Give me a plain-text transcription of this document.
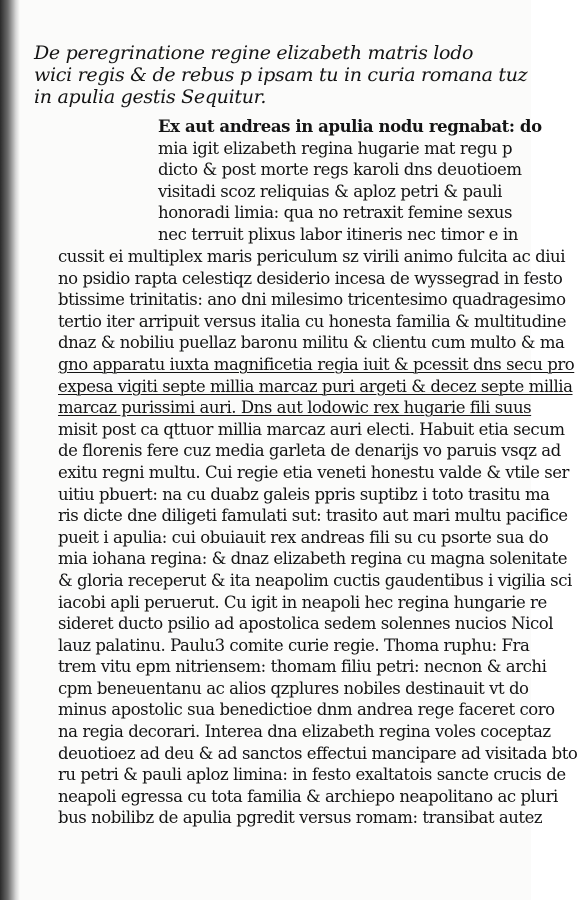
De peregrinatione regine elizabeth matris lodo
wici regis & de rebus p ipsam tu in curia romana tuz
in apulia gestis Sequitur.
Ex aut andreas in apulia nodu regnabat: do
mia igit elizabeth regina hugarie mat regu p
dicto & post morte regs karoli dns deuotioem
visitadi scoz reliquias & aploz petri & pauli
honoradi limia: qua no retraxit femine sexus
nec terruit plixus labor itineris nec timor e in
cussit ei multiplex maris periculum sz virili animo fulcita ac diui
no psidio rapta celestiqz desiderio incesa de wyssegrad in festo
btissime trinitatis: ano dni milesimo tricentesimo quadragesimo
tertio iter arripuit versus italia cu honesta familia & multitudine
dnaz & nobiliu puellaz baronu militu & clientu cum multo & ma
gno apparatu iuxta magnificetia regia iuit & pcessit dns secu pro
expesa vigiti septe millia marcaz puri argeti & decez septe millia
marcaz purissimi auri. Dns aut lodowic rex hugarie fili suus
misit post ca qttuor millia marcaz auri electi. Habuit etia secum
de florenis fere cuz media garleta de denarijs vo paruis vsqz ad
exitu regni multu. Cui regie etia veneti honestu valde & vtile ser
uitiu pbuert: na cu duabz galeis ppris suptibz i toto trasitu ma
ris dicte dne diligeti famulati sut: trasito aut mari multu pacifice
pueit i apulia: cui obuiauit rex andreas fili su cu psorte sua do
mia iohana regina: & dnaz elizabeth regina cu magna solenitate
& gloria receperut & ita neapolim cuctis gaudentibus i vigilia sci
iacobi apli peruerut. Cu igit in neapoli hec regina hungarie re
sideret ducto psilio ad apostolica sedem solennes nucios Nicol
lauz palatinu. Paulu3 comite curie regie. Thoma ruphu: Fra
trem vitu epm nitriensem: thomam filiu petri: necnon & archi
cpm beneuentanu ac alios qzplures nobiles destinauit vt do
minus apostolic sua benedictioe dnm andrea rege faceret coro
na regia decorari. Interea dna elizabeth regina voles coceptaz
deuotioez ad deu & ad sanctos effectui mancipare ad visitada bto
ru petri & pauli aploz limina: in festo exaltatois sancte crucis de
neapoli egressa cu tota familia & archiepo neapolitano ac pluri
bus nobilibz de apulia pgredit versus romam: transibat autez
